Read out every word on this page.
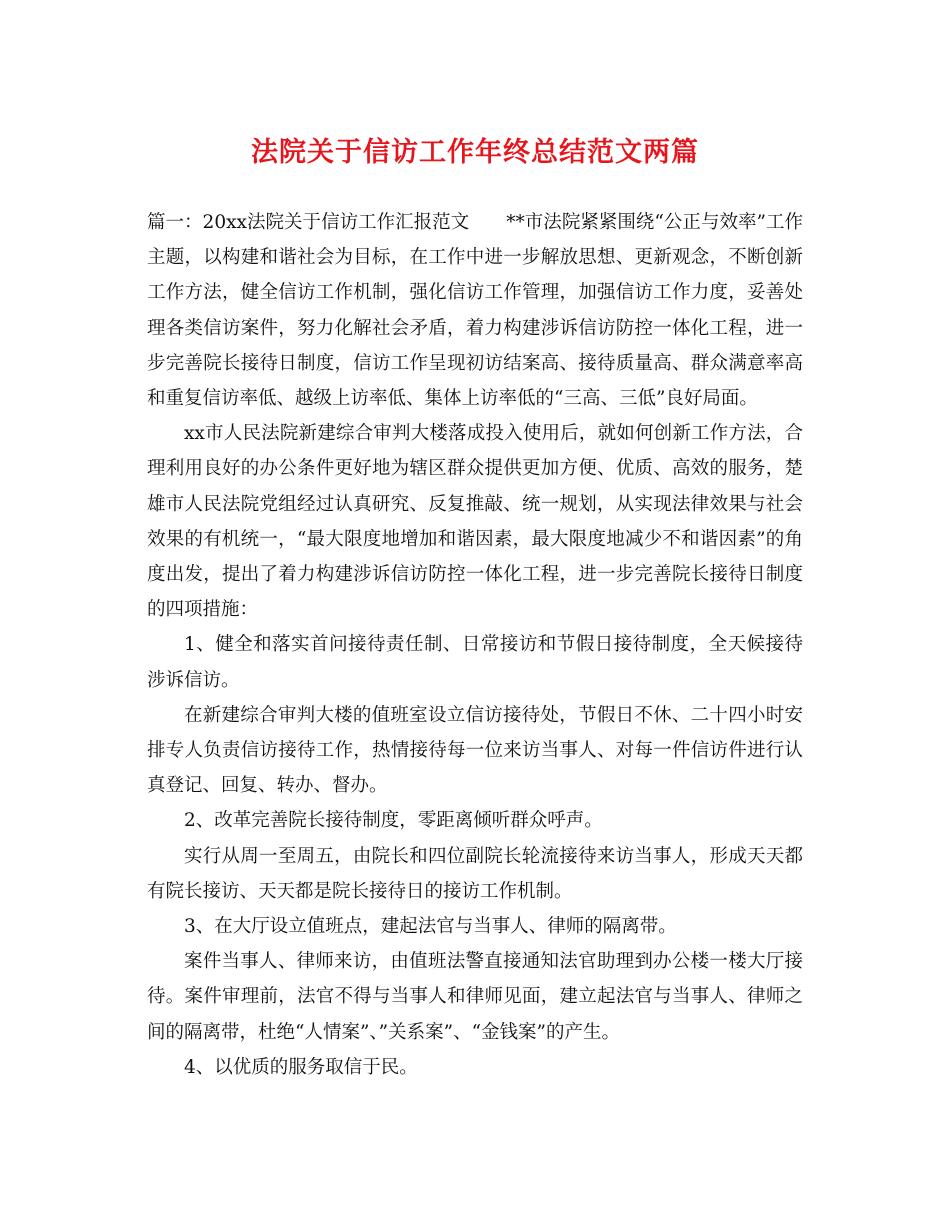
法院关于信访工作年终总结范文两篇

篇一：20xx法院关于信访工作汇报范文　　**市法院紧紧围绕“公正与效率”工作主题，以构建和谐社会为目标，在工作中进一步解放思想、更新观念，不断创新工作方法，健全信访工作机制，强化信访工作管理，加强信访工作力度，妥善处理各类信访案件，努力化解社会矛盾，着力构建涉诉信访防控一体化工程，进一步完善院长接待日制度，信访工作呈现初访结案高、接待质量高、群众满意率高和重复信访率低、越级上访率低、集体上访率低的“三高、三低”良好局面。

xx市人民法院新建综合审判大楼落成投入使用后，就如何创新工作方法，合理利用良好的办公条件更好地为辖区群众提供更加方便、优质、高效的服务，楚雄市人民法院党组经过认真研究、反复推敲、统一规划，从实现法律效果与社会效果的有机统一，“最大限度地增加和谐因素，最大限度地减少不和谐因素”的角度出发，提出了着力构建涉诉信访防控一体化工程，进一步完善院长接待日制度的四项措施：

1、健全和落实首问接待责任制、日常接访和节假日接待制度，全天候接待涉诉信访。

在新建综合审判大楼的值班室设立信访接待处，节假日不休、二十四小时安排专人负责信访接待工作，热情接待每一位来访当事人、对每一件信访件进行认真登记、回复、转办、督办。

2、改革完善院长接待制度，零距离倾听群众呼声。

实行从周一至周五，由院长和四位副院长轮流接待来访当事人，形成天天都有院长接访、天天都是院长接待日的接访工作机制。

3、在大厅设立值班点，建起法官与当事人、律师的隔离带。

案件当事人、律师来访，由值班法警直接通知法官助理到办公楼一楼大厅接待。案件审理前，法官不得与当事人和律师见面，建立起法官与当事人、律师之间的隔离带，杜绝“人情案”、”关系案”、“金钱案”的产生。

4、以优质的服务取信于民。
